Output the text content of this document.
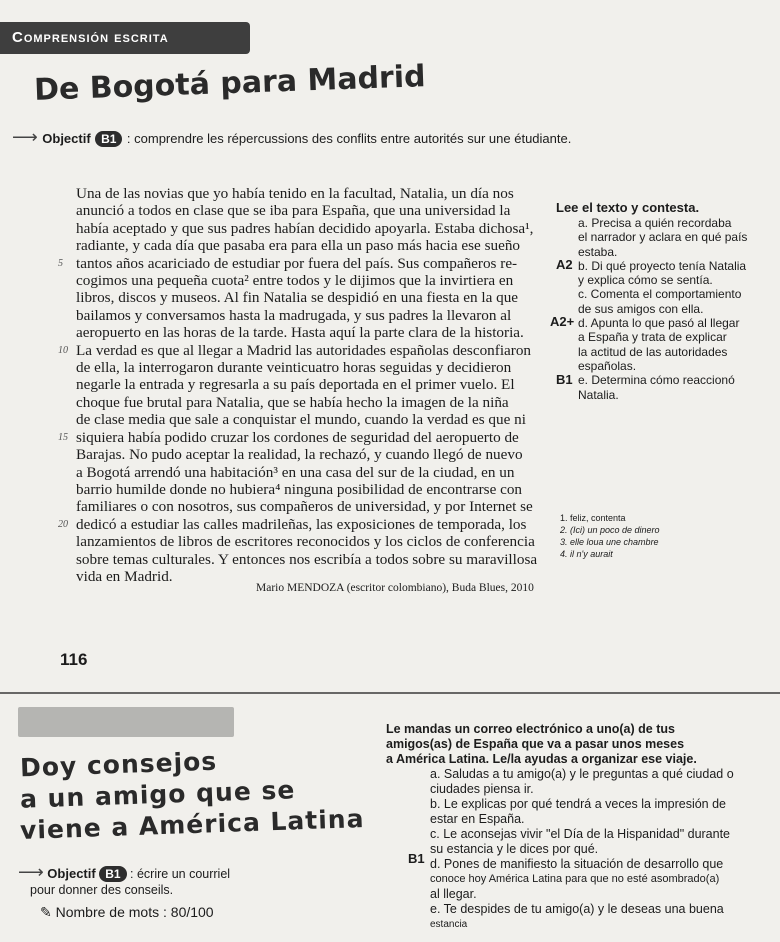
Comprensión escrita
De Bogotá para Madrid
⟶ Objectif B1 : comprendre les répercussions des conflits entre autorités sur une étudiante.

Una de las novias que yo había tenido en la facultad, Natalia, un día nos

anunció a todos en clase que se iba para España, que una universidad la

había aceptado y que sus padres habían decidido apoyarla. Estaba dichosa¹,

radiante, y cada día que pasaba era para ella un paso más hacia ese sueño

5 tantos años acariciado de estudiar por fuera del país. Sus compañeros re-

cogimos una pequeña cuota² entre todos y le dijimos que la invirtiera en

libros, discos y museos. Al fin Natalia se despidió en una fiesta en la que

bailamos y conversamos hasta la madrugada, y sus padres la llevaron al

aeropuerto en las horas de la tarde. Hasta aquí la parte clara de la historia.

10 La verdad es que al llegar a Madrid las autoridades españolas desconfiaron

de ella, la interrogaron durante veinticuatro horas seguidas y decidieron

negarle la entrada y regresarla a su país deportada en el primer vuelo. El

choque fue brutal para Natalia, que se había hecho la imagen de la niña

de clase media que sale a conquistar el mundo, cuando la verdad es que ni

15 siquiera había podido cruzar los cordones de seguridad del aeropuerto de

Barajas. No pudo aceptar la realidad, la rechazó, y cuando llegó de nuevo

a Bogotá arrendó una habitación³ en una casa del sur de la ciudad, en un

barrio humilde donde no hubiera⁴ ninguna posibilidad de encontrarse con

familiares o con nosotros, sus compañeros de universidad, y por Internet se

20 dedicó a estudiar las calles madrileñas, las exposiciones de temporada, los

lanzamientos de libros de escritores reconocidos y los ciclos de conferencia

sobre temas culturales. Y entonces nos escribía a todos sobre su maravillosa

vida en Madrid.

Lee el texto y contesta.

a. Precisa a quién recordaba

el narrador y aclara en qué país

estaba.

b. Di qué proyecto tenía Natalia

y explica cómo se sentía.

c. Comenta el comportamiento

de sus amigos con ella.

d. Apunta lo que pasó al llegar

a España y trata de explicar

la actitud de las autoridades

españolas.

e. Determina cómo reaccionó

Natalia.

A2
A2+
B1

1. feliz, contenta

2. (Ici) un poco de dinero

3. elle loua une chambre

4. il n'y aurait

Mario MENDOZA (escritor colombiano), Buda Blues, 2010
116
Doy consejos
a un amigo que se
viene a América Latina

Le mandas un correo electrónico a uno(a) de tus

amigos(as) de España que va a pasar unos meses

a América Latina. Le/la ayudas a organizar ese viaje.

a. Saludas a tu amigo(a) y le preguntas a qué ciudad o

ciudades piensa ir.

b. Le explicas por qué tendrá a veces la impresión de

estar en España.

c. Le aconsejas vivir "el Día de la Hispanidad" durante

su estancia y le dices por qué.

d. Pones de manifiesto la situación de desarrollo que

conoce hoy América Latina para que no esté asombrado(a)

al llegar.

e. Te despides de tu amigo(a) y le deseas una buena

estancia

B1
⟶ Objectif B1 : écrire un courriel
pour donner des conseils.
✎ Nombre de mots : 80/100
